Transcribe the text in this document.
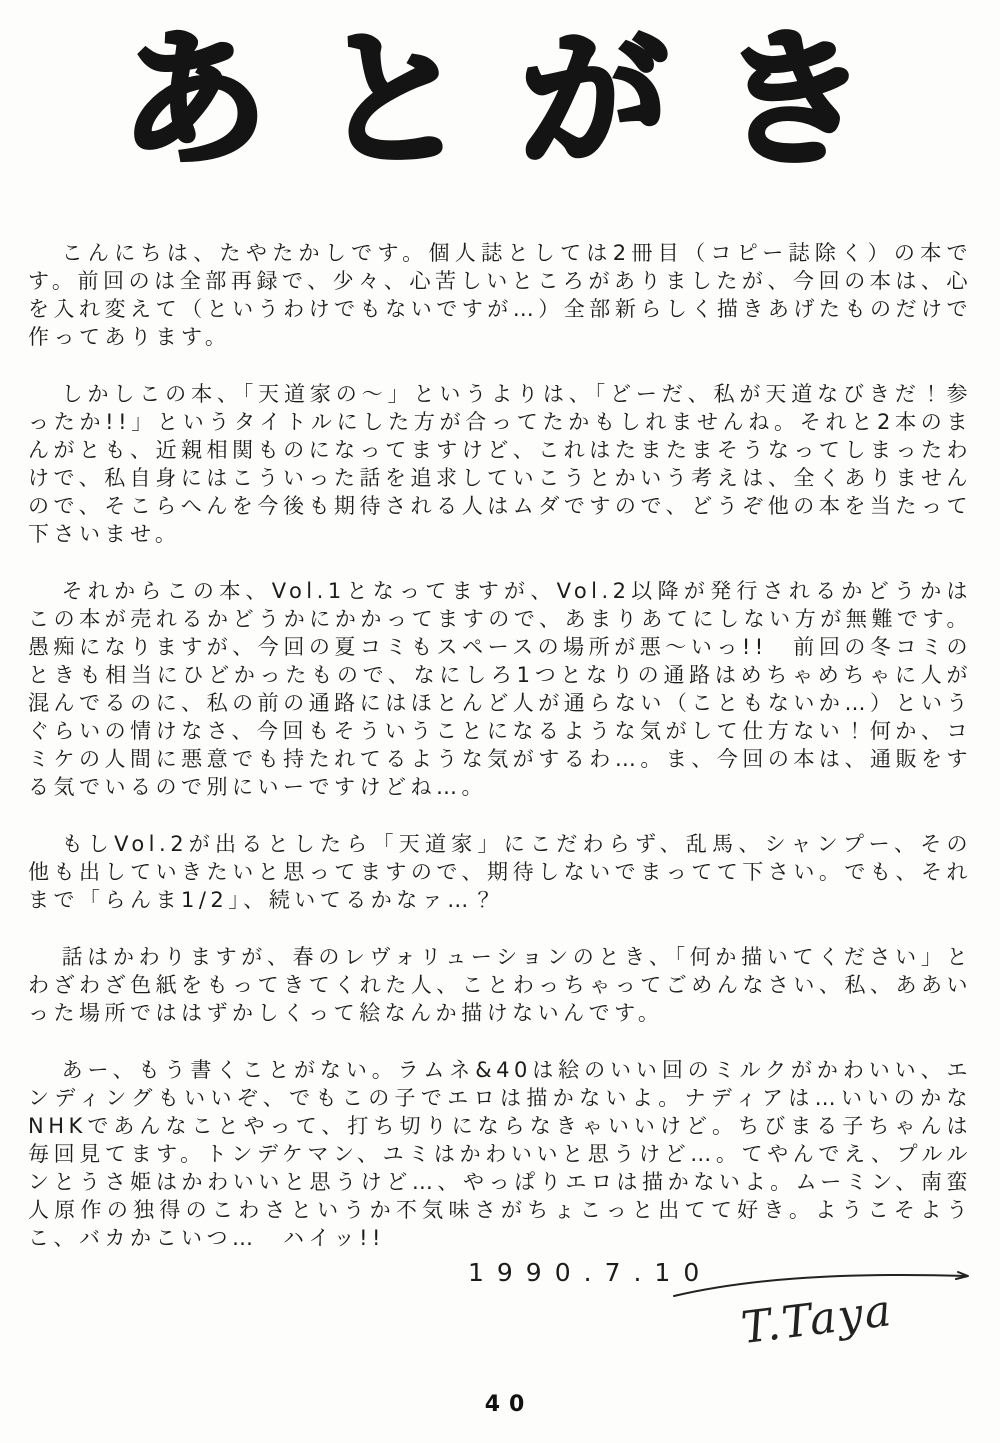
あとがき

こんにちは、たやたかしです。個人誌としては2冊目（コピー誌除く）の本です。前回のは全部再録で、少々、心苦しいところがありましたが、今回の本は、心を入れ変えて（というわけでもないですが…）全部新らしく描きあげたものだけで作ってあります。

しかしこの本、「天道家の〜」というよりは、「どーだ、私が天道なびきだ！参ったか!!」というタイトルにした方が合ってたかもしれませんね。それと2本のまんがとも、近親相関ものになってますけど、これはたまたまそうなってしまったわけで、私自身にはこういった話を追求していこうとかいう考えは、全くありませんので、そこらへんを今後も期待される人はムダですので、どうぞ他の本を当たって下さいませ。

それからこの本、Vol.1となってますが、Vol.2以降が発行されるかどうかはこの本が売れるかどうかにかかってますので、あまりあてにしない方が無難です。愚痴になりますが、今回の夏コミもスペースの場所が悪〜いっ!!　前回の冬コミのときも相当にひどかったもので、なにしろ1つとなりの通路はめちゃめちゃに人が混んでるのに、私の前の通路にはほとんど人が通らない（こともないか…）というぐらいの情けなさ、今回もそういうことになるような気がして仕方ない！何か、コミケの人間に悪意でも持たれてるような気がするわ…。ま、今回の本は、通販をする気でいるので別にいーですけどね…。

もしVol.2が出るとしたら「天道家」にこだわらず、乱馬、シャンプー、その他も出していきたいと思ってますので、期待しないでまってて下さい。でも、それまで「らんま1/2」、続いてるかなァ…？

話はかわりますが、春のレヴォリューションのとき、「何か描いてください」とわざわざ色紙をもってきてくれた人、ことわっちゃってごめんなさい、私、ああいった場所でははずかしくって絵なんか描けないんです。

あー、もう書くことがない。ラムネ&40は絵のいい回のミルクがかわいい、エンディングもいいぞ、でもこの子でエロは描かないよ。ナディアは…いいのかなNHKであんなことやって、打ち切りにならなきゃいいけど。ちびまる子ちゃんは毎回見てます。トンデケマン、ユミはかわいいと思うけど…。てやんでえ、プルルンとうさ姫はかわいいと思うけど…、やっぱりエロは描かないよ。ムーミン、南蛮人原作の独得のこわさというか不気味さがちょこっと出てて好き。ようこそようこ、バカかこいつ…　ハイッ!!

1990.7.10
T.Taya
40
